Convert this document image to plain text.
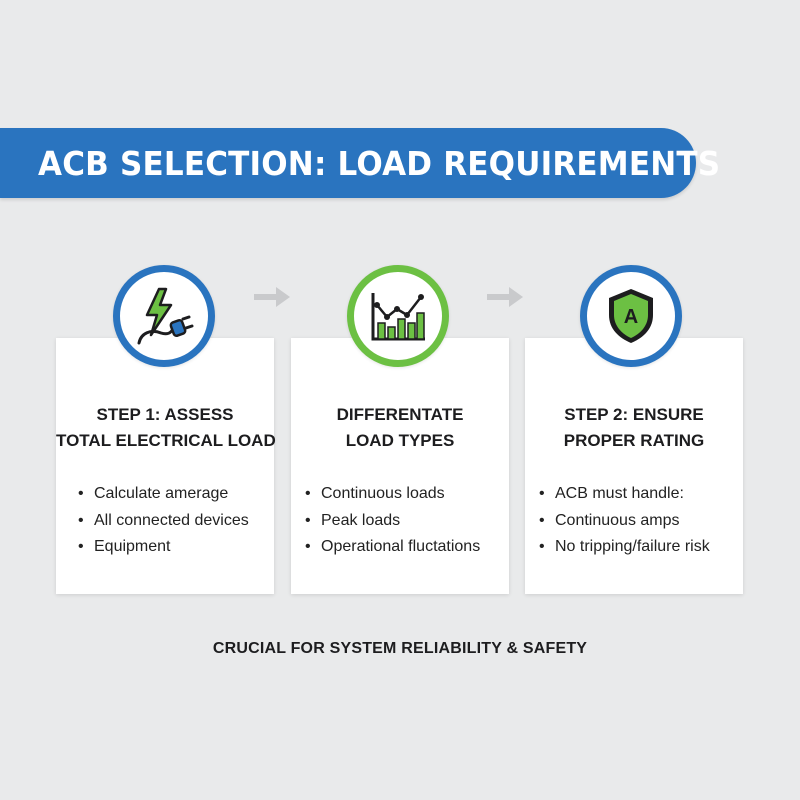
ACB SELECTION: LOAD REQUIREMENTS
STEP 1: ASSESS
TOTAL ELECTRICAL LOAD
• Calculate amerage
• All connected devices
• Equipment
DIFFERENTATE
LOAD TYPES
• Continuous loads
• Peak loads
• Operational fluctations
STEP 2: ENSURE
PROPER RATING
• ACB must handle:
• Continuous amps
• No tripping/failure risk
A
CRUCIAL FOR SYSTEM RELIABILITY & SAFETY
